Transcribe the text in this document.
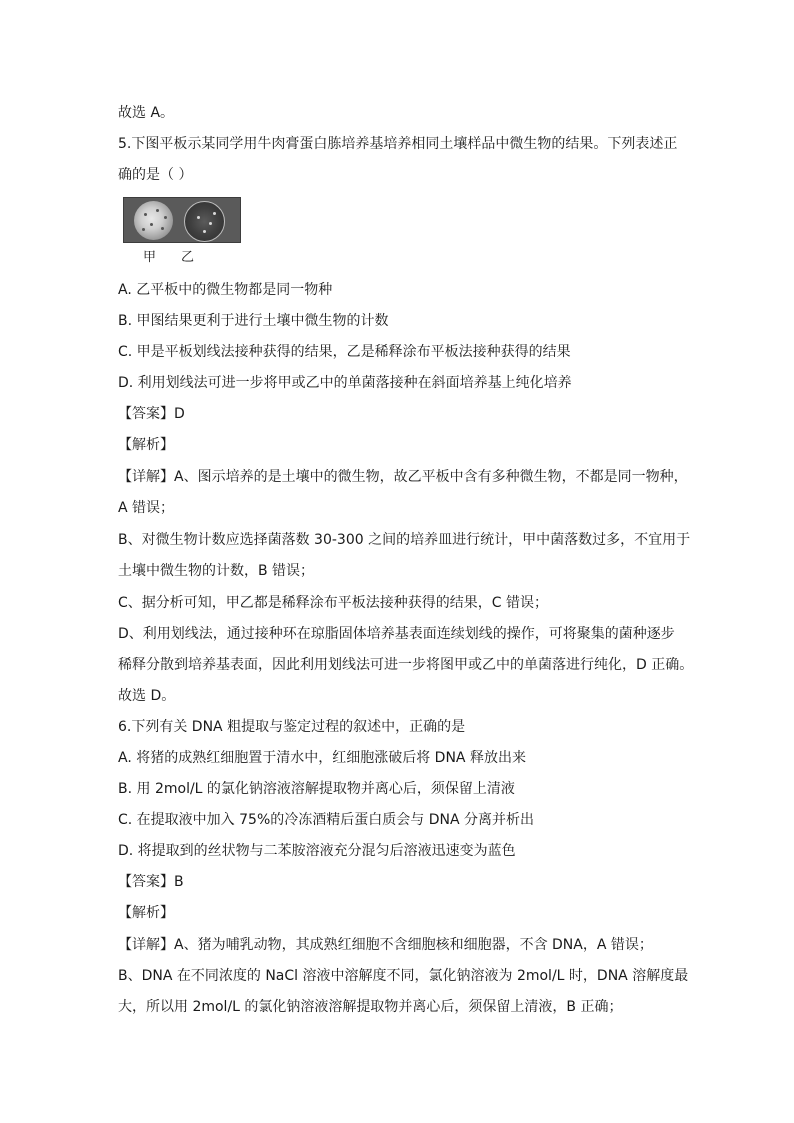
故选 A。
5.下图平板示某同学用牛肉膏蛋白胨培养基培养相同土壤样品中微生物的结果。下列表述正
确的是（ ）
甲 乙
A. 乙平板中的微生物都是同一物种
B. 甲图结果更利于进行土壤中微生物的计数
C. 甲是平板划线法接种获得的结果，乙是稀释涂布平板法接种获得的结果
D. 利用划线法可进一步将甲或乙中的单菌落接种在斜面培养基上纯化培养
【答案】D
【解析】
【详解】A、图示培养的是土壤中的微生物，故乙平板中含有多种微生物，不都是同一物种，
A 错误；
B、对微生物计数应选择菌落数 30-300 之间的培养皿进行统计，甲中菌落数过多，不宜用于
土壤中微生物的计数，B 错误；
C、据分析可知，甲乙都是稀释涂布平板法接种获得的结果，C 错误；
D、利用划线法，通过接种环在琼脂固体培养基表面连续划线的操作，可将聚集的菌种逐步
稀释分散到培养基表面，因此利用划线法可进一步将图甲或乙中的单菌落进行纯化，D 正确。
故选 D。
6.下列有关 DNA 粗提取与鉴定过程的叙述中，正确的是
A. 将猪的成熟红细胞置于清水中，红细胞涨破后将 DNA 释放出来
B. 用 2mol/L 的氯化钠溶液溶解提取物并离心后，须保留上清液
C. 在提取液中加入 75%的冷冻酒精后蛋白质会与 DNA 分离并析出
D. 将提取到的丝状物与二苯胺溶液充分混匀后溶液迅速变为蓝色
【答案】B
【解析】
【详解】A、猪为哺乳动物，其成熟红细胞不含细胞核和细胞器，不含 DNA，A 错误；
B、DNA 在不同浓度的 NaCl 溶液中溶解度不同，氯化钠溶液为 2mol/L 时，DNA 溶解度最
大，所以用 2mol/L 的氯化钠溶液溶解提取物并离心后，须保留上清液，B 正确；
